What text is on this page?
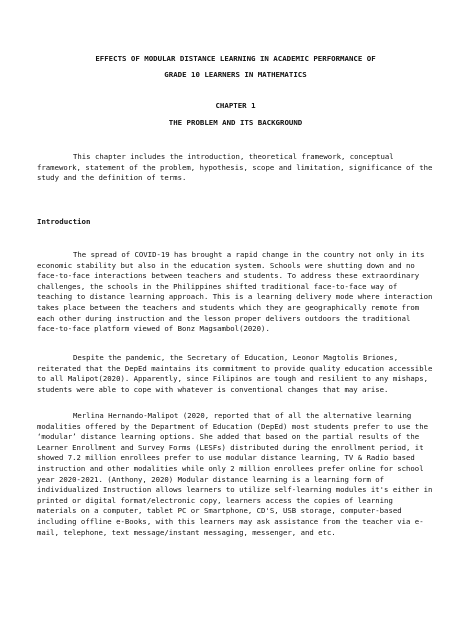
EFFECTS OF MODULAR DISTANCE LEARNING IN ACADEMIC PERFORMANCE OF

GRADE 10 LEARNERS IN MATHEMATICS

CHAPTER 1

THE PROBLEM AND ITS BACKGROUND

This chapter includes the introduction, theoretical framework, conceptual framework, statement of the problem, hypothesis, scope and limitation, significance of the study and the definition of terms.

Introduction

The spread of COVID-19 has brought a rapid change in the country not only in its economic stability but also in the education system. Schools were shutting down and no face-to-face interactions between teachers and students. To address these extraordinary challenges, the schools in the Philippines shifted traditional face-to-face way of teaching to distance learning approach. This is a learning delivery mode where interaction takes place between the teachers and students which they are geographically remote from each other during instruction and the lesson proper delivers outdoors the traditional face-to-face platform viewed of Bonz Magsambol(2020).

Despite the pandemic, the Secretary of Education, Leonor Magtolis Briones, reiterated that the DepEd maintains its commitment to provide quality education accessible to all Malipot(2020). Apparently, since Filipinos are tough and resilient to any mishaps, students were able to cope with whatever is conventional changes that may arise.

Merlina Hernando-Malipot (2020, reported that of all the alternative learning modalities offered by the Department of Education (DepEd) most students prefer to use the ‘modular’ distance learning options. She added that based on the partial results of the Learner Enrollment and Survey Forms (LESFs) distributed during the enrollment period, it showed 7.2 million enrollees prefer to use modular distance learning, TV & Radio based instruction and other modalities while only 2 million enrollees prefer online for school year 2020-2021. (Anthony, 2020) Modular distance learning is a learning form of individualized Instruction allows learners to utilize self-learning modules it's either in printed or digital format/electronic copy, learners access the copies of learning materials on a computer, tablet PC or Smartphone, CD'S, USB storage, computer-based including offline e-Books, with this learners may ask assistance from the teacher via e-mail, telephone, text message/instant messaging, messenger, and etc.
